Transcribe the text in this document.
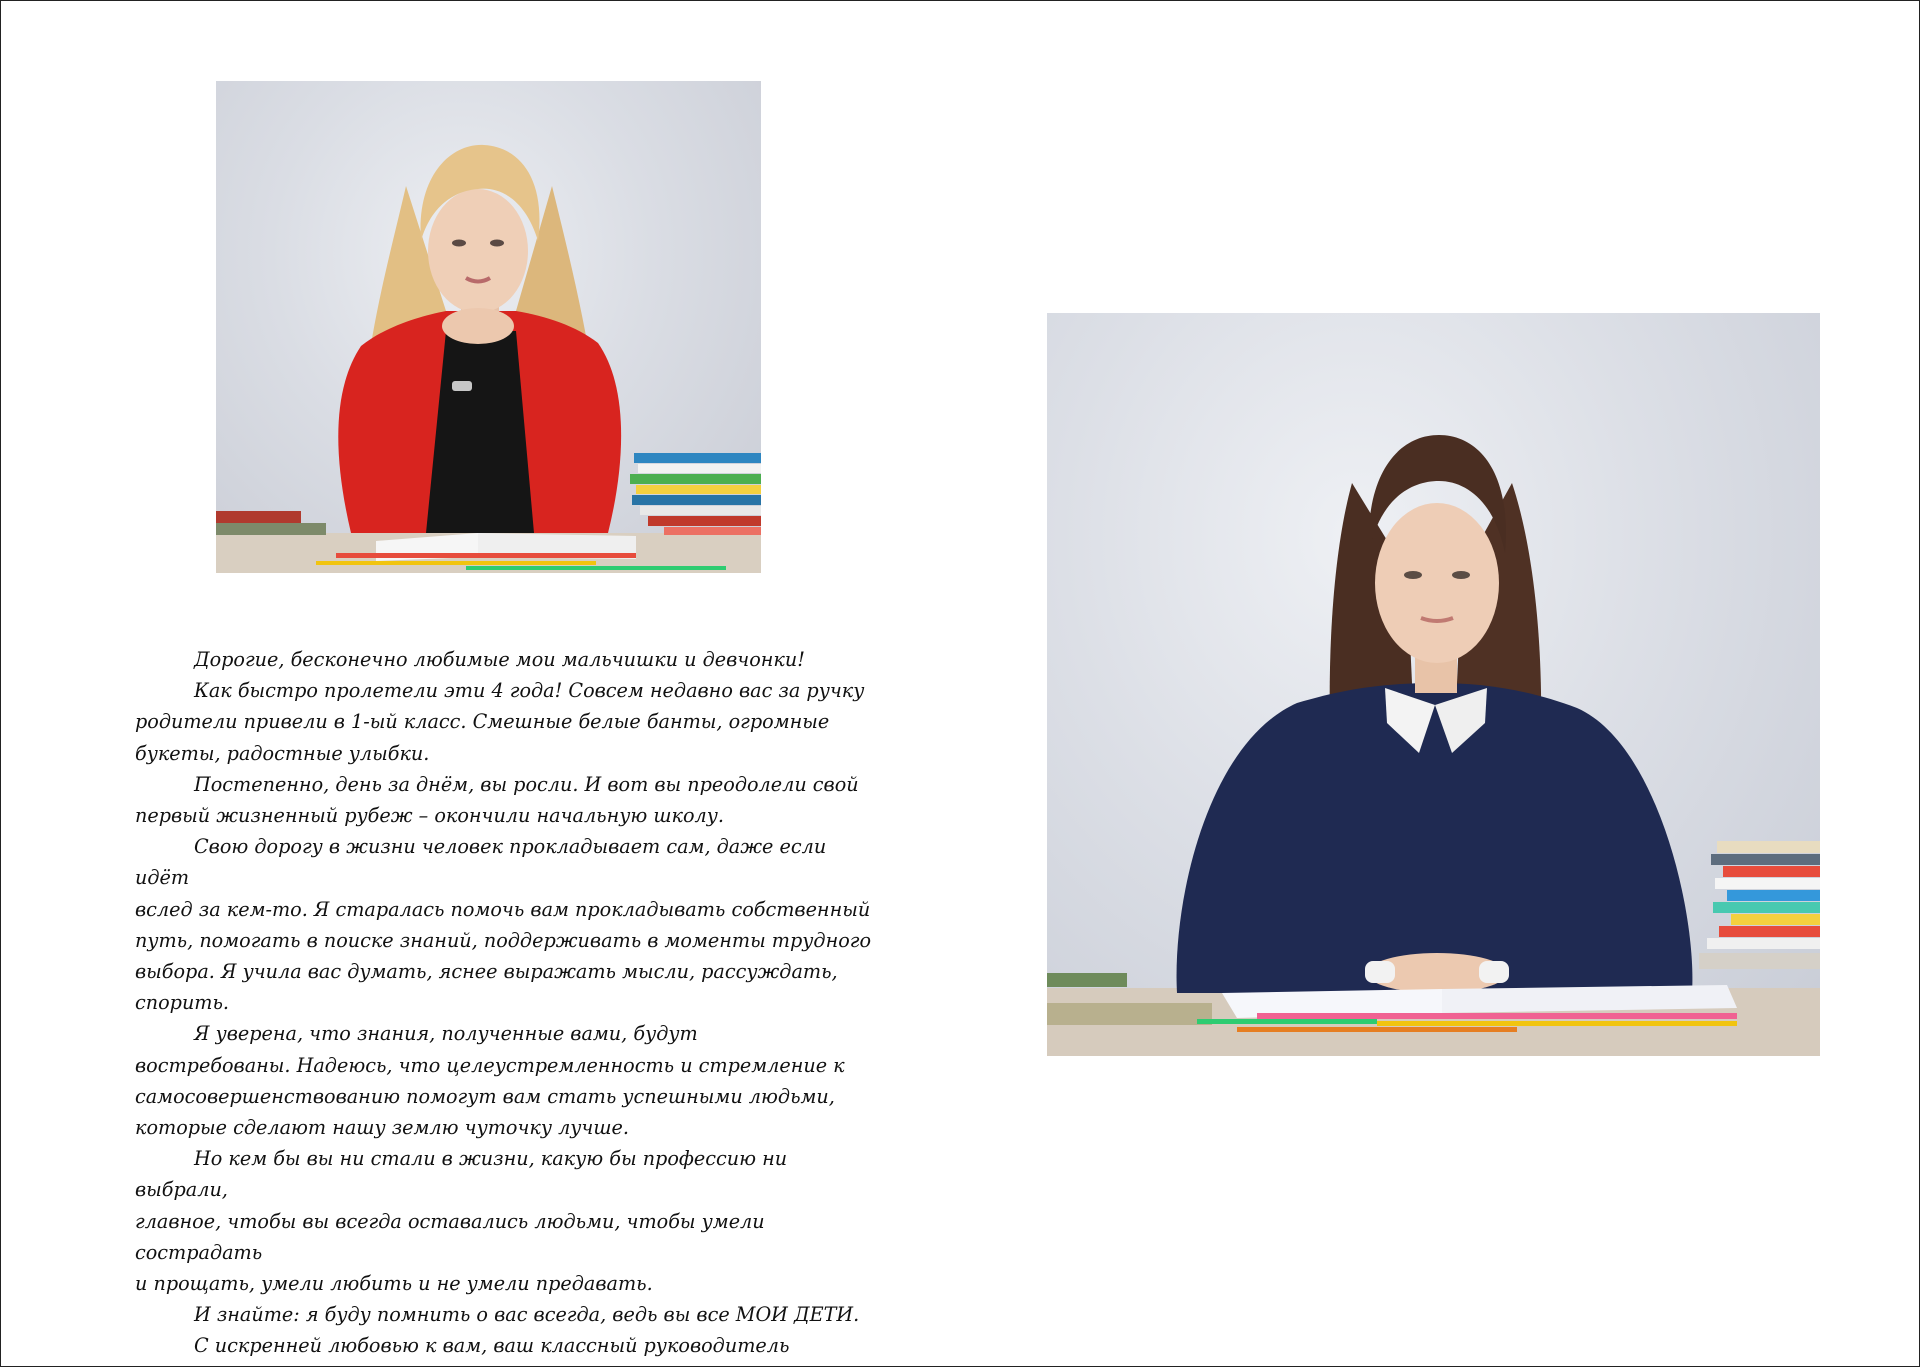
Дорогие, бесконечно любимые мои мальчишки и девчонки!

Как быстро пролетели эти 4 года! Совсем недавно вас за ручку

родители привели в 1-ый класс. Смешные белые банты, огромные

букеты, радостные улыбки.

Постепенно, день за днём, вы росли. И вот вы преодолели свой

первый жизненный рубеж – окончили начальную школу.

Свою дорогу в жизни человек прокладывает сам, даже если идёт

вслед за кем-то. Я старалась помочь вам прокладывать собственный

путь, помогать в поиске знаний, поддерживать в моменты трудного

выбора. Я учила вас думать, яснее выражать мысли, рассуждать,

спорить.

Я уверена, что знания, полученные вами, будут

востребованы. Надеюсь, что целеустремленность и стремление к

самосовершенствованию помогут вам стать успешными людьми,

которые сделают нашу землю чуточку лучше.

Но кем бы вы ни стали в жизни, какую бы профессию ни выбрали,

главное, чтобы вы всегда оставались людьми, чтобы умели сострадать

и прощать, умели любить и не умели предавать.

И знайте: я буду помнить о вас всегда, ведь вы все МОИ ДЕТИ.

С искренней любовью к вам, ваш классный руководитель
